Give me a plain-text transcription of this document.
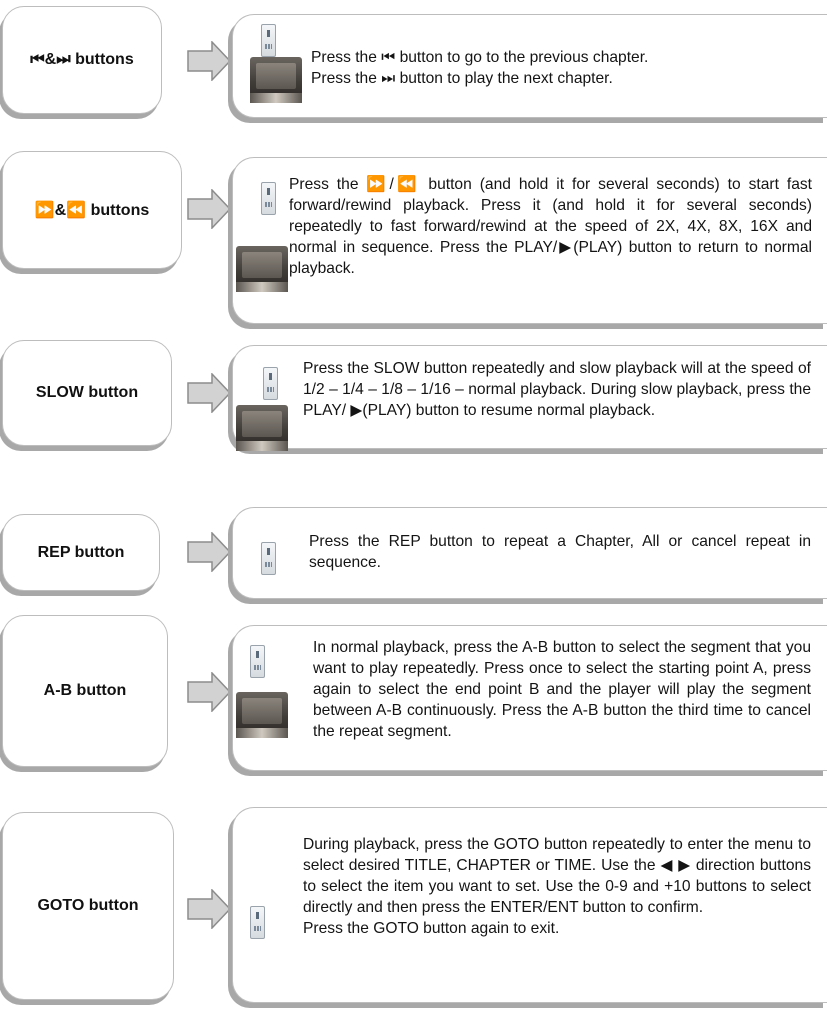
⏮&⏭ buttons	Press the ⏮ button to go to the previous chapter.

Press the ⏭ button to play the next chapter.

⏩&⏪ buttons

Press the ⏩/⏪ button (and hold it for several seconds) to start fast forward/rewind playback. Press it (and hold it for several seconds) repeatedly to fast forward/rewind at the speed of 2X, 4X, 8X, 16X and normal in sequence. Press the PLAY/▶(PLAY) button to return to normal playback.

SLOW button

Press the SLOW button repeatedly and slow playback will at the speed of 1/2 – 1/4 – 1/8 – 1/16 – normal playback. During slow playback, press the PLAY/ ▶(PLAY) button to resume normal playback.

REP button

Press the REP button to repeat a Chapter, All or cancel repeat in sequence.

A-B button

In normal playback, press the A-B button to select the segment that you want to play repeatedly. Press once to select the starting point A, press again to select the end point B and the player will play the segment between A-B continuously. Press the A-B button the third time to cancel the repeat segment.

GOTO button

During playback, press the GOTO button repeatedly to enter the menu to select desired TITLE, CHAPTER or TIME. Use the ◀ ▶ direction buttons to select the item you want to set. Use the 0-9 and +10 buttons to select directly and then press the ENTER/ENT button to confirm.

Press the GOTO button again to exit.
